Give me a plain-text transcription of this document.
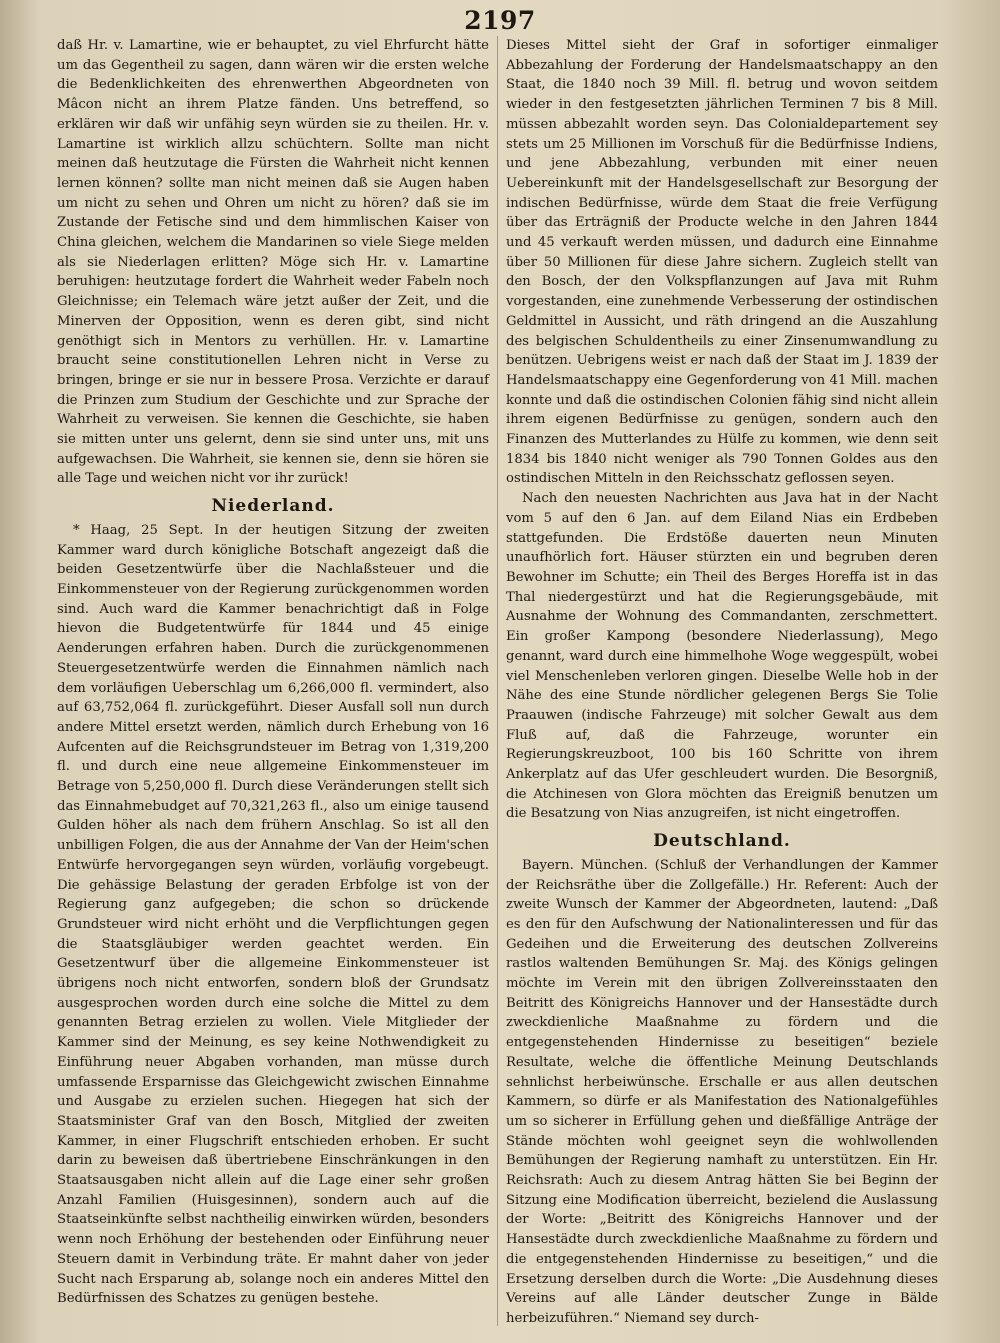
2197

daß Hr. v. Lamartine, wie er behauptet, zu viel Ehrfurcht hätte um das Gegentheil zu sagen, dann wären wir die ersten welche die Bedenklichkeiten des ehrenwerthen Abgeordneten von Mâcon nicht an ihrem Platze fänden. Uns betreffend, so erklären wir daß wir unfähig seyn würden sie zu theilen. Hr. v. Lamartine ist wirklich allzu schüchtern. Sollte man nicht meinen daß heutzutage die Fürsten die Wahrheit nicht kennen lernen können? sollte man nicht meinen daß sie Augen haben um nicht zu sehen und Ohren um nicht zu hören? daß sie im Zustande der Fetische sind und dem himmlischen Kaiser von China gleichen, welchem die Mandarinen so viele Siege melden als sie Niederlagen erlitten? Möge sich Hr. v. Lamartine beruhigen: heutzutage fordert die Wahrheit weder Fabeln noch Gleichnisse; ein Telemach wäre jetzt außer der Zeit, und die Minerven der Opposition, wenn es deren gibt, sind nicht genöthigt sich in Mentors zu verhüllen. Hr. v. Lamartine braucht seine constitutionellen Lehren nicht in Verse zu bringen, bringe er sie nur in bessere Prosa. Verzichte er darauf die Prinzen zum Studium der Geschichte und zur Sprache der Wahrheit zu verweisen. Sie kennen die Geschichte, sie haben sie mitten unter uns gelernt, denn sie sind unter uns, mit uns aufgewachsen. Die Wahrheit, sie kennen sie, denn sie hören sie alle Tage und weichen nicht vor ihr zurück!

Niederland.

* Haag, 25 Sept. In der heutigen Sitzung der zweiten Kammer ward durch königliche Botschaft angezeigt daß die beiden Gesetzentwürfe über die Nachlaßsteuer und die Einkommensteuer von der Regierung zurückgenommen worden sind. Auch ward die Kammer benachrichtigt daß in Folge hievon die Budgetentwürfe für 1844 und 45 einige Aenderungen erfahren haben. Durch die zurückgenommenen Steuergesetzentwürfe werden die Einnahmen nämlich nach dem vorläufigen Ueberschlag um 6,266,000 fl. vermindert, also auf 63,752,064 fl. zurückgeführt. Dieser Ausfall soll nun durch andere Mittel ersetzt werden, nämlich durch Erhebung von 16 Aufcenten auf die Reichsgrundsteuer im Betrag von 1,319,200 fl. und durch eine neue allgemeine Einkommensteuer im Betrage von 5,250,000 fl. Durch diese Veränderungen stellt sich das Einnahmebudget auf 70,321,263 fl., also um einige tausend Gulden höher als nach dem frühern Anschlag. So ist all den unbilligen Folgen, die aus der Annahme der Van der Heim'schen Entwürfe hervorgegangen seyn würden, vorläufig vorgebeugt. Die gehässige Belastung der geraden Erbfolge ist von der Regierung ganz aufgegeben; die schon so drückende Grundsteuer wird nicht erhöht und die Verpflichtungen gegen die Staatsgläubiger werden geachtet werden. Ein Gesetzentwurf über die allgemeine Einkommensteuer ist übrigens noch nicht entworfen, sondern bloß der Grundsatz ausgesprochen worden durch eine solche die Mittel zu dem genannten Betrag erzielen zu wollen. Viele Mitglieder der Kammer sind der Meinung, es sey keine Nothwendigkeit zu Einführung neuer Abgaben vorhanden, man müsse durch umfassende Ersparnisse das Gleichgewicht zwischen Einnahme und Ausgabe zu erzielen suchen. Hiegegen hat sich der Staatsminister Graf van den Bosch, Mitglied der zweiten Kammer, in einer Flugschrift entschieden erhoben. Er sucht darin zu beweisen daß übertriebene Einschränkungen in den Staatsausgaben nicht allein auf die Lage einer sehr großen Anzahl Familien (Huisgesinnen), sondern auch auf die Staatseinkünfte selbst nachtheilig einwirken würden, besonders wenn noch Erhöhung der bestehenden oder Einführung neuer Steuern damit in Verbindung träte. Er mahnt daher von jeder Sucht nach Ersparung ab, solange noch ein anderes Mittel den Bedürfnissen des Schatzes zu genügen bestehe.

Dieses Mittel sieht der Graf in sofortiger einmaliger Abbezahlung der Forderung der Handelsmaatschappy an den Staat, die 1840 noch 39 Mill. fl. betrug und wovon seitdem wieder in den festgesetzten jährlichen Terminen 7 bis 8 Mill. müssen abbezahlt worden seyn. Das Colonialdepartement sey stets um 25 Millionen im Vorschuß für die Bedürfnisse Indiens, und jene Abbezahlung, verbunden mit einer neuen Uebereinkunft mit der Handelsgesellschaft zur Besorgung der indischen Bedürfnisse, würde dem Staat die freie Verfügung über das Erträgniß der Producte welche in den Jahren 1844 und 45 verkauft werden müssen, und dadurch eine Einnahme über 50 Millionen für diese Jahre sichern. Zugleich stellt van den Bosch, der den Volkspflanzungen auf Java mit Ruhm vorgestanden, eine zunehmende Verbesserung der ostindischen Geldmittel in Aussicht, und räth dringend an die Auszahlung des belgischen Schuldentheils zu einer Zinsenumwandlung zu benützen. Uebrigens weist er nach daß der Staat im J. 1839 der Handelsmaatschappy eine Gegenforderung von 41 Mill. machen konnte und daß die ostindischen Colonien fähig sind nicht allein ihrem eigenen Bedürfnisse zu genügen, sondern auch den Finanzen des Mutterlandes zu Hülfe zu kommen, wie denn seit 1834 bis 1840 nicht weniger als 790 Tonnen Goldes aus den ostindischen Mitteln in den Reichsschatz geflossen seyen.

Nach den neuesten Nachrichten aus Java hat in der Nacht vom 5 auf den 6 Jan. auf dem Eiland Nias ein Erdbeben stattgefunden. Die Erdstöße dauerten neun Minuten unaufhörlich fort. Häuser stürzten ein und begruben deren Bewohner im Schutte; ein Theil des Berges Horeffa ist in das Thal niedergestürzt und hat die Regierungsgebäude, mit Ausnahme der Wohnung des Commandanten, zerschmettert. Ein großer Kampong (besondere Niederlassung), Mego genannt, ward durch eine himmelhohe Woge weggespült, wobei viel Menschenleben verloren gingen. Dieselbe Welle hob in der Nähe des eine Stunde nördlicher gelegenen Bergs Sie Tolie Praauwen (indische Fahrzeuge) mit solcher Gewalt aus dem Fluß auf, daß die Fahrzeuge, worunter ein Regierungskreuzboot, 100 bis 160 Schritte von ihrem Ankerplatz auf das Ufer geschleudert wurden. Die Besorgniß, die Atchinesen von Glora möchten das Ereigniß benutzen um die Besatzung von Nias anzugreifen, ist nicht eingetroffen.

Deutschland.

Bayern. München. (Schluß der Verhandlungen der Kammer der Reichsräthe über die Zollgefälle.) Hr. Referent: Auch der zweite Wunsch der Kammer der Abgeordneten, lautend: „Daß es den für den Aufschwung der Nationalinteressen und für das Gedeihen und die Erweiterung des deutschen Zollvereins rastlos waltenden Bemühungen Sr. Maj. des Königs gelingen möchte im Verein mit den übrigen Zollvereinsstaaten den Beitritt des Königreichs Hannover und der Hansestädte durch zweckdienliche Maaßnahme zu fördern und die entgegenstehenden Hindernisse zu beseitigen“ bezielе Resultate, welche die öffentliche Meinung Deutschlands sehnlichst herbeiwünsche. Erschalle er aus allen deutschen Kammern, so dürfe er als Manifestation des Nationalgefühles um so sicherer in Erfüllung gehen und dießfällige Anträge der Stände möchten wohl geeignet seyn die wohlwollenden Bemühungen der Regierung namhaft zu unterstützen. Ein Hr. Reichsrath: Auch zu diesem Antrag hätten Sie bei Beginn der Sitzung eine Modification überreicht, bezielend die Auslassung der Worte: „Beitritt des Königreichs Hannover und der Hansestädte durch zweckdienliche Maaßnahme zu fördern und die entgegenstehenden Hindernisse zu beseitigen,“ und die Ersetzung derselben durch die Worte: „Die Ausdehnung dieses Vereins auf alle Länder deutscher Zunge in Bälde herbeizuführen.“ Niemand sey durch-
